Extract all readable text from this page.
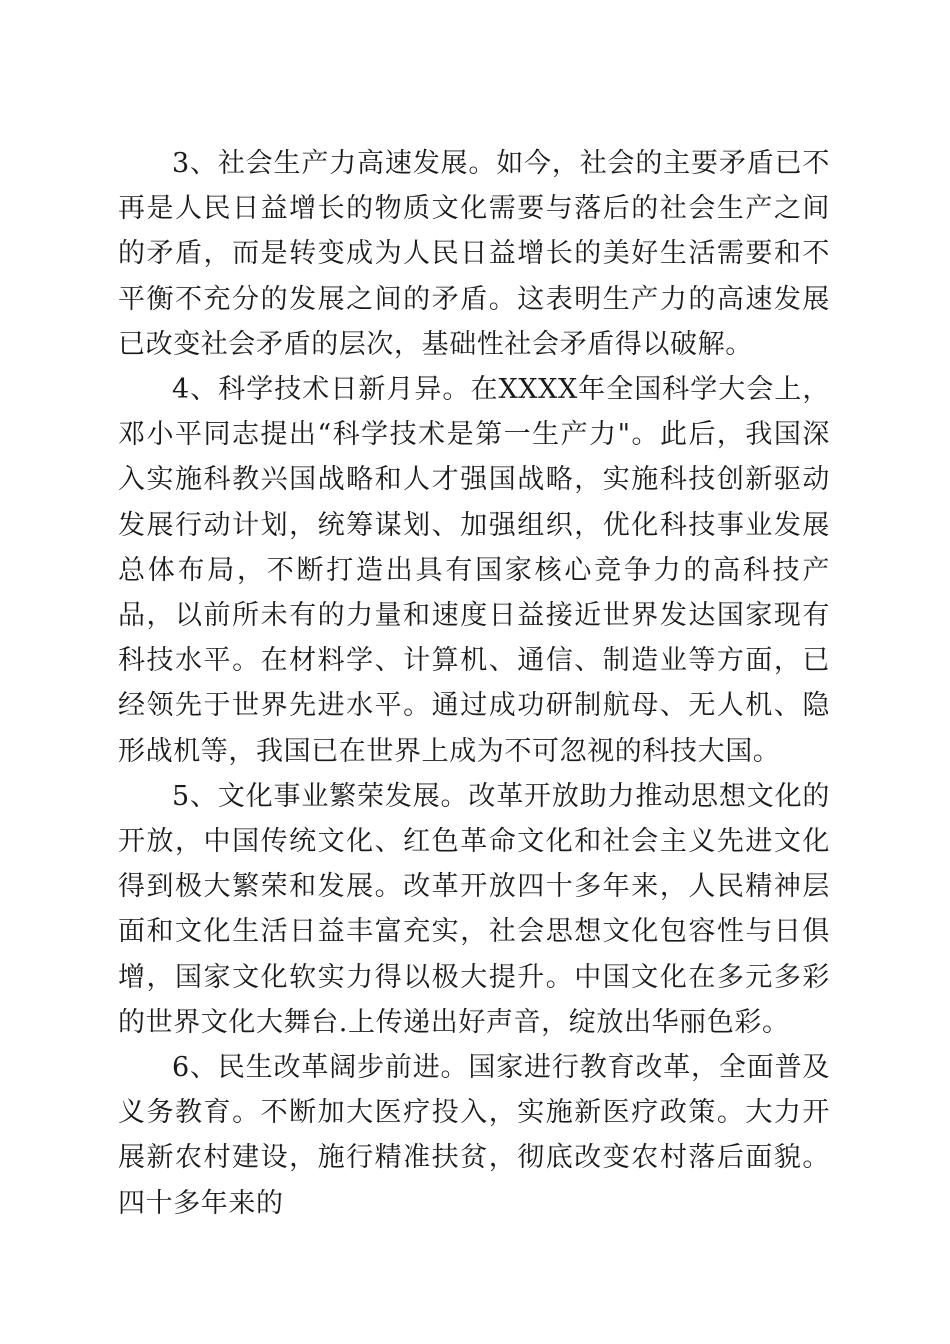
3、社会生产力高速发展。如今，社会的主要矛盾已不再是人民日益增长的物质文化需要与落后的社会生产之间的矛盾，而是转变成为人民日益增长的美好生活需要和不平衡不充分的发展之间的矛盾。这表明生产力的高速发展已改变社会矛盾的层次，基础性社会矛盾得以破解。

4、科学技术日新月异。在XXXX年全国科学大会上，邓小平同志提出“科学技术是第一生产力"。此后，我国深入实施科教兴国战略和人才强国战略，实施科技创新驱动发展行动计划，统筹谋划、加强组织，优化科技事业发展总体布局，不断打造出具有国家核心竞争力的高科技产品，以前所未有的力量和速度日益接近世界发达国家现有科技水平。在材料学、计算机、通信、制造业等方面，已经领先于世界先进水平。通过成功研制航母、无人机、隐形战机等，我国已在世界上成为不可忽视的科技大国。

5、文化事业繁荣发展。改革开放助力推动思想文化的开放，中国传统文化、红色革命文化和社会主义先进文化得到极大繁荣和发展。改革开放四十多年来，人民精神层面和文化生活日益丰富充实，社会思想文化包容性与日俱增，国家文化软实力得以极大提升。中国文化在多元多彩的世界文化大舞台.上传递出好声音，绽放出华丽色彩。

6、民生改革阔步前进。国家进行教育改革，全面普及义务教育。不断加大医疗投入，实施新医疗政策。大力开展新农村建设，施行精准扶贫，彻底改变农村落后面貌。四十多年来的
